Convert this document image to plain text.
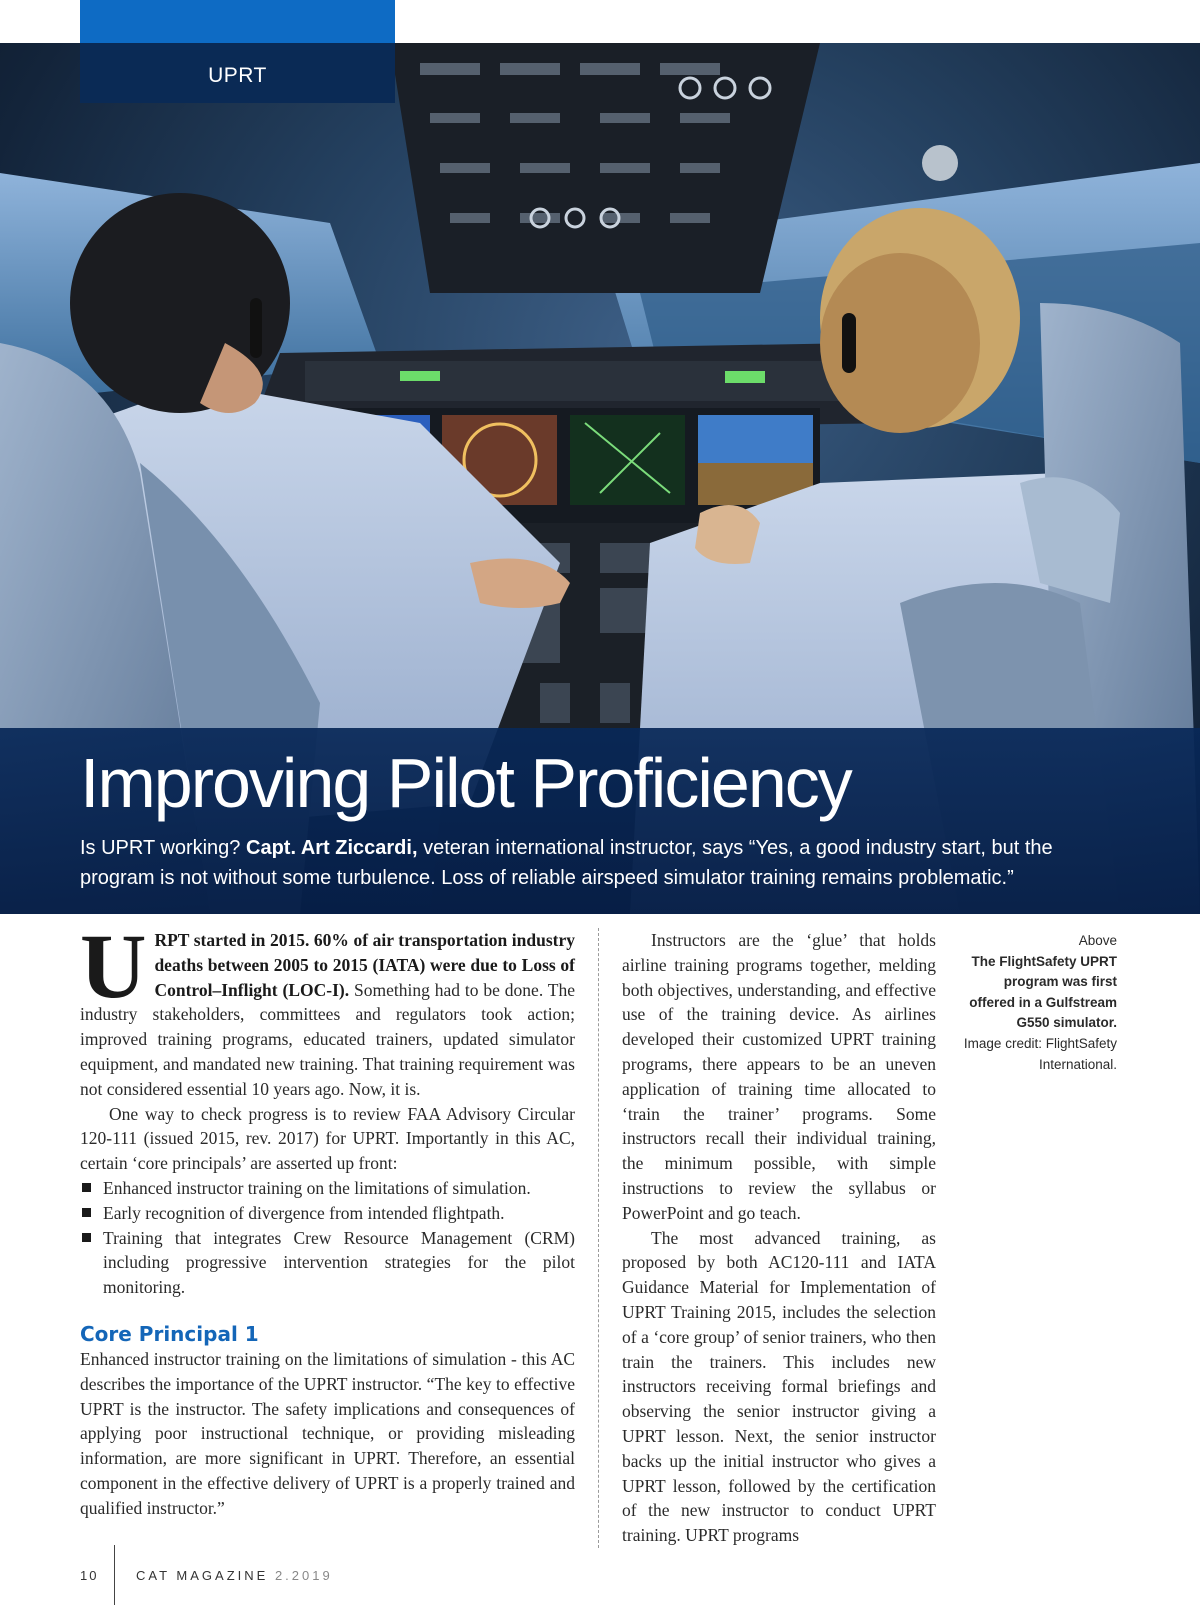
UPRT
Improving Pilot Proficiency
Is UPRT working? Capt. Art Ziccardi, veteran international instructor, says “Yes, a good industry start, but the program is not without some turbulence. Loss of reliable airspeed simulator training remains problematic.”

URPT started in 2015. 60% of air transportation industry deaths between 2005 to 2015 (IATA) were due to Loss of Control–Inflight (LOC-I). Something had to be done. The industry stakeholders, committees and regulators took action; improved training programs, educated trainers, updated simulator equipment, and mandated new training. That training requirement was not considered essential 10 years ago. Now, it is.

One way to check progress is to review FAA Advisory Circular 120-111 (issued 2015, rev. 2017) for UPRT. Importantly in this AC, certain ‘core principals’ are asserted up front:

Enhanced instructor training on the limitations of simulation.
Early recognition of divergence from intended flightpath.
Training that integrates Crew Resource Management (CRM) including progressive intervention strategies for the pilot monitoring.
Core Principal 1

Enhanced instructor training on the limitations of simulation - this AC describes the importance of the UPRT instructor. “The key to effective UPRT is the instructor. The safety implications and consequences of applying poor instructional technique, or providing misleading information, are more significant in UPRT. Therefore, an essential component in the effective delivery of UPRT is a properly trained and qualified instructor.”

Instructors are the ‘glue’ that holds airline training programs together, melding both objectives, understanding, and effective use of the training device. As airlines developed their customized UPRT training programs, there appears to be an uneven application of training time allocated to ‘train the trainer’ programs. Some instructors recall their individual training, the minimum possible, with simple instructions to review the syllabus or PowerPoint and go teach.

The most advanced training, as proposed by both AC120-111 and IATA Guidance Material for Implementation of UPRT Training 2015, includes the selection of a ‘core group’ of senior trainers, who then train the trainers. This includes new instructors receiving formal briefings and observing the senior instructor giving a UPRT lesson. Next, the senior instructor backs up the initial instructor who gives a UPRT lesson, followed by the certification of the new instructor to conduct UPRT training. UPRT programs

Above

The FlightSafety UPRT program was first offered in a Gulfstream G550 simulator.
Image credit: FlightSafety International.
10	CAT MAGAZINE 2.2019
